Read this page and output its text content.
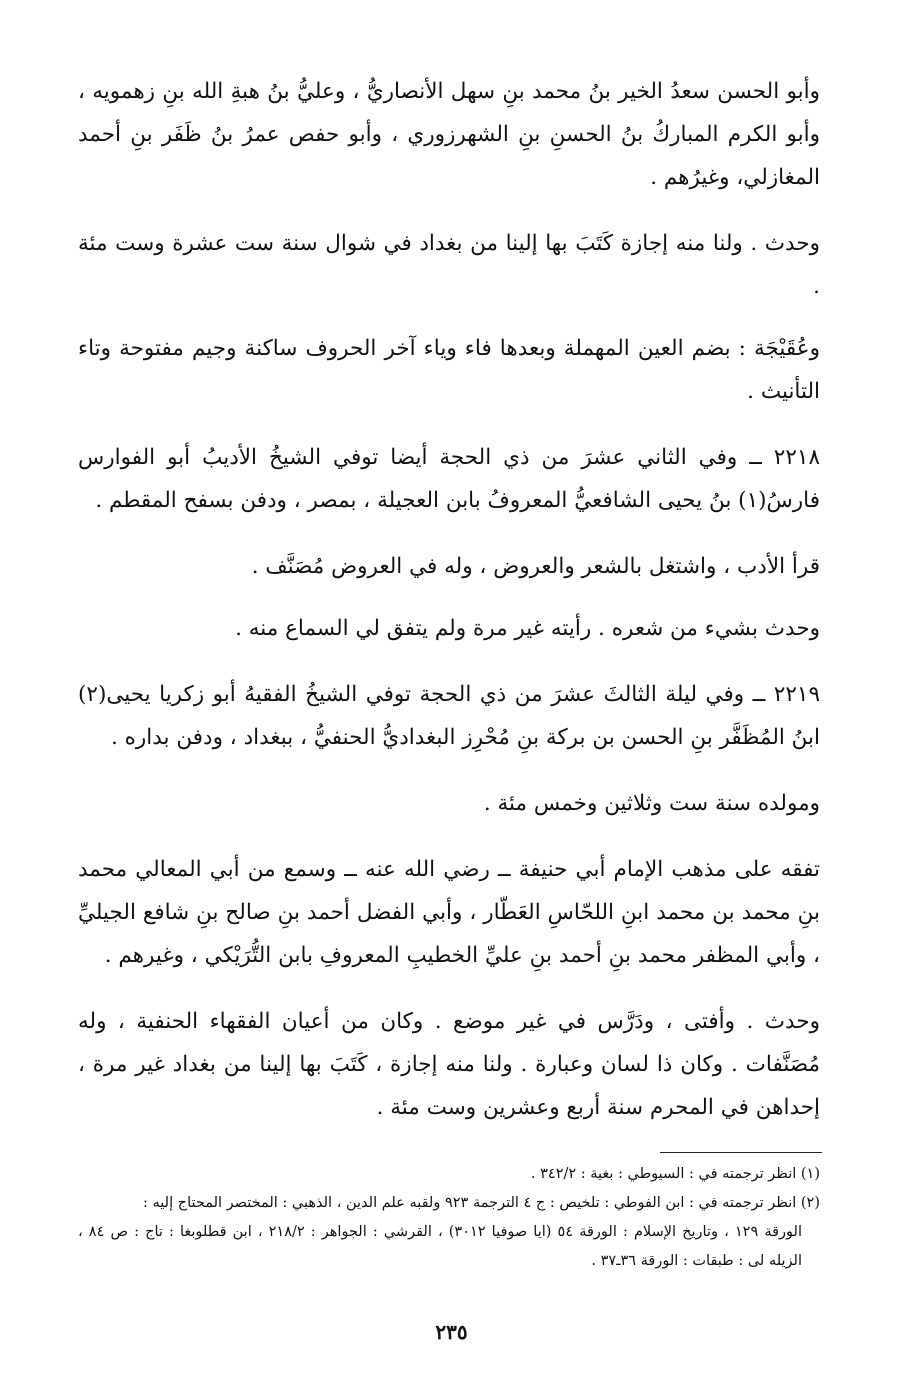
وأبو الحسن سعدُ الخير بنُ محمد بنِ سهل الأنصاريُّ ، وعليُّ بنُ هبةِ الله بنِ زهمويه ، وأبو الكرم المباركُ بنُ الحسنِ بنِ الشهرزوري ، وأبو حفص عمرُ بنُ ظَفَر بنِ أحمد المغازلي، وغيرُهم .

وحدث . ولنا منه إجازة كَتَبَ بها إلينا من بغداد في شوال سنة ست عشرة وست مئة .

وعُقَيْجَة : بضم العين المهملة وبعدها فاء وياء آخر الحروف ساكنة وجيم مفتوحة وتاء التأنيث .

٢٢١٨ ــ وفي الثاني عشرَ من ذي الحجة أيضا توفي الشيخُ الأديبُ أبو الفوارس فارسُ(١) بنُ يحيى الشافعيُّ المعروفُ بابن العجيلة ، بمصر ، ودفن بسفح المقطم .

قرأ الأدب ، واشتغل بالشعر والعروض ، وله في العروض مُصَنَّف .

وحدث بشيء من شعره . رأيته غير مرة ولم يتفق لي السماع منه .

٢٢١٩ ــ وفي ليلة الثالثَ عشرَ من ذي الحجة توفي الشيخُ الفقيهُ أبو زكريا يحيى(٢) ابنُ المُظَفَّر بنِ الحسن بن بركة بنِ مُحْرِز البغداديُّ الحنفيُّ ، ببغداد ، ودفن بداره .

ومولده سنة ست وثلاثين وخمس مئة .

تفقه على مذهب الإمام أبي حنيفة ــ رضي الله عنه ــ وسمع من أبي المعالي محمد بنِ محمد بن محمد ابنِ اللحّاسِ العَطّار ، وأبي الفضل أحمد بنِ صالح بنِ شافع الجيليِّ ، وأبي المظفر محمد بنِ أحمد بنِ عليِّ الخطيبِ المعروفِ بابن التُّرَيْكي ، وغيرهم .

وحدث . وأفتى ، ودَرَّس في غير موضع . وكان من أعيان الفقهاء الحنفية ، وله مُصَنَّفات . وكان ذا لسان وعبارة . ولنا منه إجازة ، كَتَبَ بها إلينا من بغداد غير مرة ، إحداهن في المحرم سنة أربع وعشرين وست مئة .

(١) انظر ترجمته في : السيوطي : بغية : ٣٤٢/٢ .

(٢) انظر ترجمته في : ابن الفوطي : تلخيص : ج ٤ الترجمة ٩٢٣ ولقبه علم الدين ، الذهبي : المختصر المحتاج إليه :

الورقة ١٢٩ ، وتاريخ الإسلام : الورقة ٥٤ (ايا صوفيا ٣٠١٢) ، القرشي : الجواهر : ٢١٨/٢ ، ابن قطلوبغا : تاج : ص ٨٤ ، الزيله لى : طبقات : الورقة ٣٦ـ٣٧ .

٢٣٥
